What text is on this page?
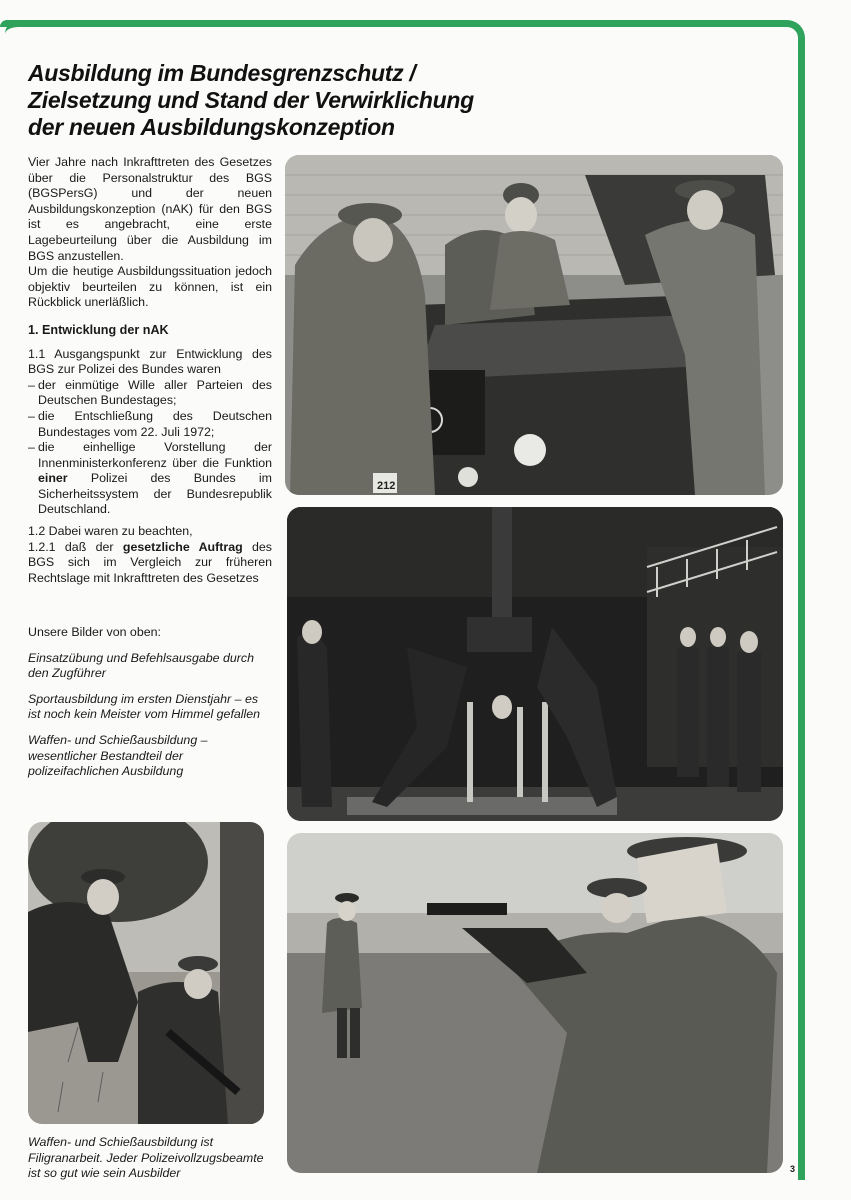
Ausbildung im Bundesgrenzschutz /
Zielsetzung und Stand der Verwirklichung
der neuen Ausbildungskonzeption

Vier Jahre nach Inkrafttreten des Gesetzes über die Personalstruktur des BGS (BGSPersG) und der neuen Ausbildungskonzeption (nAK) für den BGS ist es angebracht, eine erste Lagebeurteilung über die Ausbildung im BGS anzustellen.

Um die heutige Ausbildungssituation jedoch objektiv beurteilen zu können, ist ein Rückblick unerläßlich.

1. Entwicklung der nAK

1.1 Ausgangspunkt zur Entwicklung des BGS zur Polizei des Bundes waren

– der einmütige Wille aller Parteien des Deutschen Bundestages;
– die Entschließung des Deutschen Bundestages vom 22. Juli 1972;
– die einhellige Vorstellung der Innenministerkonferenz über die Funktion einer Polizei des Bundes im Sicherheitssystem der Bundesrepublik Deutschland.

1.2 Dabei waren zu beachten,

1.2.1 daß der gesetzliche Auftrag des BGS sich im Vergleich zur früheren Rechtslage mit Inkrafttreten des Gesetzes

Unsere Bilder von oben:

Einsatzübung und Befehlsausgabe durch den Zugführer

Sportausbildung im ersten Dienstjahr – es ist noch kein Meister vom Himmel gefallen

Waffen- und Schießausbildung – wesentlicher Bestandteil der polizeifachlichen Ausbildung

212
Waffen- und Schießausbildung ist Filigranarbeit. Jeder Polizeivollzugsbeamte ist so gut wie sein Ausbilder	3
